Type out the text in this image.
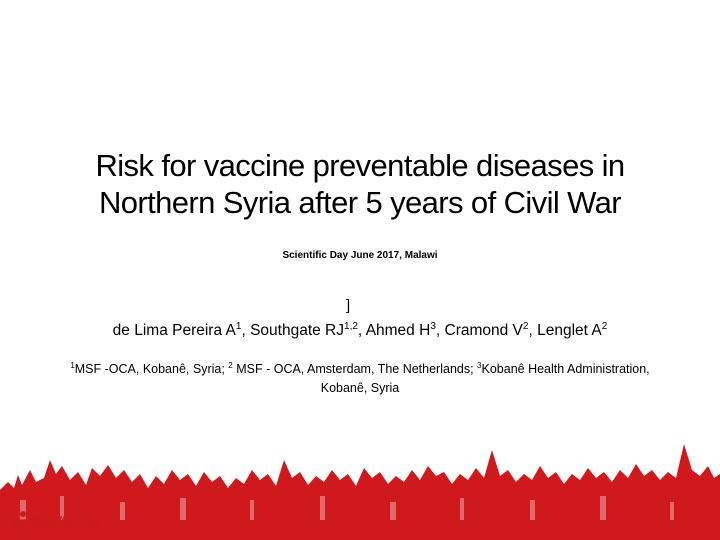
Risk for vaccine preventable diseases in
Northern Syria after 5 years of Civil War
Scientific Day June 2017, Malawi
]
de Lima Pereira $A^1$, Southgate RJ$^{1,2}$, Ahmed $H^3$, Cramond $V^2$, Lenglet $A^2$
$^1$MSF -OCA, Kobanê, Syria; $^2$ MSF - OCA, Amsterdam, The Netherlands; $^3$Kobanê Health Administration, Kobanê, Syria
MEDECINS
SANS FRONTIERES
